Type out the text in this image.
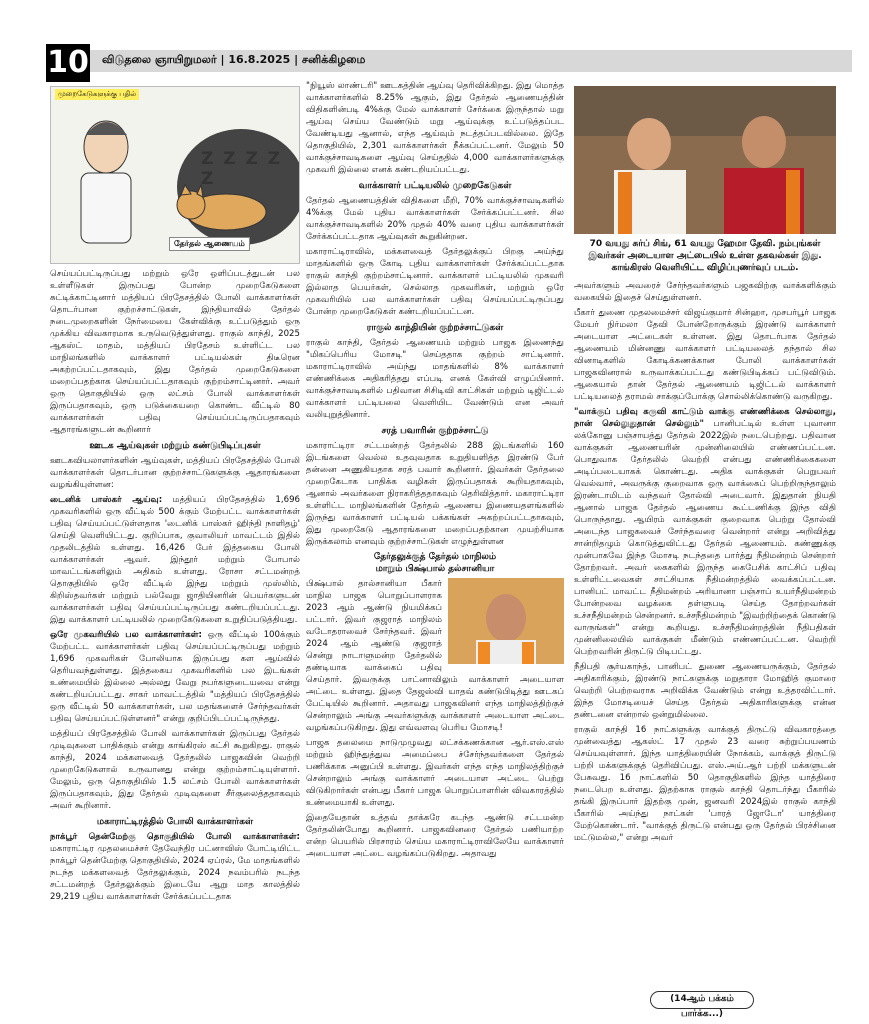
10 விடுதலை ஞாயிறுமலர் | 16.8.2025 | சனிக்கிழமை
முறைகேடுகளுக்கு பதில்
Z Z Z Z Z
தேர்தல் ஆணையம்

செய்யப்பட்டிருப்பது மற்றும் ஒரே ஒளிப்படத்துடன் பல உள்ளீடுகள் இருப்பது போன்ற முறைகேடுகளை சுட்டிக்காட்டினார் மத்தியப் பிரதேசத்தில் போலி வாக்காளர்கள் தொடர்பான குற்றச்சாட்டுகள், இந்தியாவில் தேர்தல் நடைமுறைகளின் நேர்மையை கேள்விக்கு உட்படுத்தும் ஒரு முக்கிய விவகாரமாக உருவெடுத்துள்ளது. ராகுல் காந்தி, 2025 ஆகஸ்ட் மாதம், மத்தியப் பிரதேசம் உள்ளிட்ட பல மாநிலங்களில் வாக்காளர் பட்டியல்கள் திடீரென அகற்றப்பட்டதாகவும், இது தேர்தல் முறைகேடுகளை மறைப்பதற்காக செய்யப்பட்டதாகவும் குற்றம்சாட்டினார். அவர் ஒரு தொகுதியில் ஒரு லட்சம் போலி வாக்காளர்கள் இருப்பதாகவும், ஒரு படுக்கையறை கொண்ட வீட்டில் 80 வாக்காளர்கள் பதிவு செய்யப்பட்டிருப்பதாகவும் ஆதாரங்களுடன் கூறினார்

ஊடக ஆய்வுகள் மற்றும் கண்டுபிடிப்புகள்

ஊடகவியலாளர்களின் ஆய்வுகள், மத்தியப் பிரதேசத்தில் போலி வாக்காளர்கள் தொடர்பான குற்றச்சாட்டுகளுக்கு ஆதாரங்களை வழங்கியுள்ளன:

டைனிக் பாஸ்கர் ஆய்வு: மத்தியப் பிரதேசத்தில் 1,696 முகவரிகளில் ஒரு வீட்டில் 500 க்கும் மேற்பட்ட வாக்காளர்கள் பதிவு செய்யப்பட்டுள்ளதாக 'டைனிக் பாஸ்கர் ஹிந்தி நாளிதழ்' செய்தி வெளியிட்டது. குறிப்பாக, குவாலியர் மாவட்டம் இதில் முதலிடத்தில் உள்ளது. 16,426 பேர் இத்தகைய போலி வாக்காளர்கள் ஆவர். இந்தூர் மற்றும் போபால் மாவட்டங்களிலும் அதிகம் உள்ளது. ரோசா சட்டமன்றத் தொகுதியில் ஒரே வீட்டில் இந்து மற்றும் முஸ்லிம், கிறிஸ்தவர்கள் மற்றும் பல்வேறு ஜாதியினரின் பெயர்களுடன் வாக்காளர்கள் பதிவு செய்யப்பட்டிருப்பது கண்டறியப்பட்டது. இது வாக்காளர் பட்டியலில் முறைகேடுகளை உறுதிப்படுத்தியது.

ஒரே முகவரியில் பல வாக்காளர்கள்: ஒரு வீட்டில் 100க்கும் மேற்பட்ட வாக்காளர்கள் பதிவு செய்யப்பட்டிருப்பது மற்றும் 1,696 முகவரிகள் போலியாக இருப்பது கள ஆய்வில் தெரியவந்துள்ளது. இத்தகைய முகவரிகளில் பல இடங்கள் உண்மையில் இல்லை அல்லது வேறு நபர்களுடையவை என்று கண்டறியப்பட்டது. சாகர் மாவட்டத்தில் "மத்தியப் பிரதேசத்தில் ஒரு வீட்டில் 50 வாக்காளர்கள், பல மதங்களைச் சேர்ந்தவர்கள் பதிவு செய்யப்பட்டுள்ளனர்" என்று குறிப்பிடப்பட்டிருந்தது.

மத்தியப் பிரதேசத்தில் போலி வாக்காளர்கள் இருப்பது தேர்தல் முடிவுகளை பாதிக்கும் என்று காங்கிரஸ் கட்சி கூறுகிறது. ராகுல் காந்தி, 2024 மக்களவைத் தேர்தலில் பாஜகவின் வெற்றி முறைகேடுகளால் உருவானது என்று குற்றம்சாட்டியுள்ளார். மேலும், ஒரு தொகுதியில் 1.5 லட்சம் போலி வாக்காளர்கள் இருப்பதாகவும், இது தேர்தல் முடிவுகளை சீர்குலைத்ததாகவும் அவர் கூறினார்.

மகாராட்டிரத்தில் போலி வாக்காளர்கள்

நாக்பூர் தென்மேற்கு தொகுதியில் போலி வாக்காளர்கள்: மகாராட்டிர முதலமைச்சர் தேவேந்திர பட்னாவிஸ் போட்டியிட்ட நாக்பூர் தென்மேற்கு தொகுதியில், 2024 ஏப்ரல், மே மாதங்களில் நடந்த மக்களவைத் தேர்தலுக்கும், 2024 நவம்பரில் நடந்த சட்டமன்றத் தேர்தலுக்கும் இடையே ஆறு மாத காலத்தில் 29,219 புதிய வாக்காளர்கள் சேர்க்கப்பட்டதாக

"நியூஸ் லாண்டரி" ஊடகத்தின் ஆய்வு தெரிவிக்கிறது. இது மொத்த வாக்காளர்களில் 8.25% ஆகும், இது தேர்தல் ஆணையத்தின் விதிகளின்படி 4%க்கு மேல் வாக்காளர் சேர்க்கை இருந்தால் மறு ஆய்வு செய்ய வேண்டும் மறு ஆய்வுக்கு உட்படுத்தப்பட வேண்டியது ஆனால், எந்த ஆய்வும் நடத்தப்படவில்லை. இதே தொகுதியில், 2,301 வாக்காளர்கள் நீக்கப்பட்டனர். மேலும் 50 வாக்குச்சாவடிகளை ஆய்வு செய்ததில் 4,000 வாக்காளர்களுக்கு முகவரி இல்லை எனக் கண்டறியப்பட்டது.

வாக்காளர் பட்டியலில் முறைகேடுகள்

தேர்தல் ஆணையத்தின் விதிகளை மீறி, 70% வாக்குச்சாவடிகளில் 4%க்கு மேல் புதிய வாக்காளர்கள் சேர்க்கப்பட்டனர். சில வாக்குச்சாவடிகளில் 20% முதல் 40% வரை புதிய வாக்காளர்கள் சேர்க்கப்பட்டதாக ஆய்வுகள் கூறுகின்றன.

மகாராட்டிராவில், மக்களவைத் தேர்தலுக்குப் பிறகு அய்ந்து மாதங்களில் ஒரு கோடி புதிய வாக்காளர்கள் சேர்க்கப்பட்டதாக ராகுல் காந்தி குற்றம்சாட்டினார். வாக்காளர் பட்டியலில் முகவரி இல்லாத பெயர்கள், செல்லாத முகவரிகள், மற்றும் ஒரே முகவரியில் பல வாக்காளர்கள் பதிவு செய்யப்பட்டிருப்பது போன்ற முறைகேடுகள் கண்டறியப்பட்டன.

ராகுல் காந்தியின் குற்றச்சாட்டுகள்

ராகுல் காந்தி, தேர்தல் ஆணையம் மற்றும் பாஜக இணைந்து "மிகப்பெரிய மோசடி" செய்ததாக குற்றம் சாட்டினார். மகாராட்டிராவில் அய்ந்து மாதங்களில் 8% வாக்காளர் எண்ணிக்கை அதிகரித்தது எப்படி எனக் கேள்வி எழுப்பினார். வாக்குச்சாவடிகளில் பதிவான சிசிடிவி காட்சிகள் மற்றும் டிஜிட்டல் வாக்காளர் பட்டியலை வெளியிட வேண்டும் என அவர் வலியுறுத்தினார்.

சரத் பவாரின் குற்றச்சாட்டு

மகாராட்டிரா சட்டமன்றத் தேர்தலில் 288 இடங்களில் 160 இடங்களை வெல்ல உதவுவதாக உறுதியளித்த இரண்டு பேர் தன்னை அணுகியதாக சரத் பவார் கூறினார். இவர்கள் தேர்தலை முறைகேடாக பாதிக்க வழிகள் இருப்பதாகக் கூறியதாகவும், ஆனால் அவர்களை நிராகரித்ததாகவும் தெரிவித்தார். மகாராட்டிரா உள்ளிட்ட மாநிலங்களின் தேர்தல் ஆணைய இணையதளங்களில் இருந்து வாக்காளர் பட்டியல் பக்கங்கள் அகற்றப்பட்டதாகவும், இது முறைகேடு ஆதாரங்களை மறைப்பதற்கான முயற்சியாக இருக்கலாம் எனவும் குற்றச்சாட்டுகள் எழுந்துள்ளன

தேர்தலுக்குத் தேர்தல் மாநிலம்
மாறும் பிக்ஷ்பால் தல்சானியா

பிக்ஷ்பால் தால்சானியா பீகார் மாநில பாஜக பொறுப்பாளராக 2023 ஆம் ஆண்டு நியமிக்கப் பட்டார். இவர் குஜராத் மாநிலம் வடோதராவைச் சேர்ந்தவர். இவர் 2024 ஆம் ஆண்டு குஜராத் சென்று நாடாளுமன்ற தேர்தலில் தண்டியாக வாக்கைப் பதிவு செய்தார். இவருக்கு பாட்னாவிலும் வாக்காளர் அடையாள அட்டை உள்ளது. இதை தேஜஸ்வி யாதவ் கண்டுபிடித்து ஊடகப் பேட்டியில் கூறினார். அதாவது பாஜகவினர் எந்த மாநிலத்திற்குச் சென்றாலும் அங்கு அவர்களுக்கு வாக்காளர் அடையாள அட்டை வழங்கப்படுகிறது. இது எவ்வளவு பெரிய மோசடி!

பாஜக தலைமை நாடுமுழுவது லட்சக்கணக்கான ஆர்.எஸ்.எஸ் மற்றும் ஹிந்துத்துவ அமைப்பை ச்சேர்ந்தவர்களை தேர்தல் பணிக்காக அனுப்பி உள்ளது. இவர்கள் எந்த எந்த மாநிலத்திற்குச் சென்றாலும் அங்கு வாக்காளர் அடையாள அட்டை பெற்று விடுகிறார்கள் என்பது பீகார் பாஜக பொறுப்பாளரின் விவகாரத்தில் உண்மையாகி உள்ளது.

இதையேதான் உத்தவ் தாக்கரே கடந்த ஆண்டு சட்டமன்ற தேர்தலின்போது கூறினார். பாஜகவினரை தேர்தல் பணியாற்ற என்ற பெயரில் பிரசாரம் செய்ய மகாராட்டிராவிலேயே வாக்காளர் அடையாள அட்டை வழங்கப்படுகிறது. அதாவது

70 வயது சுர்ப் சிங், 61 வயது ஹேமா தேவி. நம்புங்கள் இவர்கள் அடையாள அட்டையில் உள்ள தகவல்கள் இது. காங்கிரஸ் வெளியிட்ட விழிப்புணர்வுப் படம்.

அவர்களும் அவரைச் சேர்ந்தவர்களும் பஜகவிற்கு வாக்களிக்கும் வகையில் இதைச் செய்துள்ளனர்.

பீகார் துணை முதலமைச்சர் விஜய்குமார் சின்ஹா, முசபர்பூர் பாஜக மேயர் நிர்மலா தேவி போன்றோருக்கும் இரண்டு வாக்காளர் அடையாள அட்டைகள் உள்ளன. இது தொடர்பாக தேர்தல் ஆணையம் மின்னணு வாக்காளர் பட்டியலைத் தந்தால் சில வினாடிகளில் கோடிக்கணக்கான போலி வாக்காளர்கள் பாஜகவினரால் உருவாக்கப்பட்டது கண்டுபிடிக்கப் பட்டுவிடும். ஆகையால் தான் தேர்தல் ஆணையம் டிஜிட்டல் வாக்காளர் பட்டியலைத் தராமல் சாக்குப்போக்கு சொல்லிக்கொண்டு வருகிறது.

"வாக்குப் பதிவு கருவி காட்டும் வாக்கு எண்ணிக்கை செல்லாது, நான் செல்லுதுதான் செல்லும்" பானிபட்டில் உள்ள புவானா லக்கோனு பஞ்சாயத்து தேர்தல் 2022இல் நடைபெற்றது. பதிவான வாக்குகள் ஆணையரின் முன்னிலையில் எண்ணப்பட்டன. பொதுவாக தேர்தலில் வெற்றி என்பது எண்ணிக்கைகளை அடிப்படையாகக் கொண்டது. அதிக வாக்குகள் பெறுபவர் வெல்வார், அவருக்கு குறைவாக ஒரு வாக்கைப் பெற்றிருந்தாலும் இரண்டாமிடம் வந்தவர் தோல்வி அடைவார். இதுதான் நியதி ஆனால் பாஜக தேர்தல் ஆணைய கூட்டணிக்கு இந்த விதி பொருந்தாது. ஆயிரம் வாக்குகள் குறைவாக பெற்று தோல்வி அடைந்த பாஜகவைச் சேர்ந்தவரை வென்றார் என்று அறிவித்து சான்றிதழும் கொடுத்துவிட்டது தேர்தல் ஆணையம். கண்ணுக்கு முன்பாகவே இந்த மோசடி நடந்ததை பார்த்து நீதிமன்றம் சென்றார் தோற்றவர். அவர் கைகளில் இருந்த கைபேசிக் காட்சிப் பதிவு உள்ளிட்டவைகள் சாட்சியாக நீதிமன்றத்தில் வைக்கப்பட்டன. பானிபட் மாவட்ட நீதிமன்றம் அரியானா பஞ்சாப் உயர்நீதிமன்றம் போன்றவை வழக்கை தள்ளுபடி செய்த தோற்றவர்கள் உச்சநீதிமன்றம் சென்றனர். உச்சநீதிமன்றம் "இவற்றிற்தைக் கொண்டு வாருங்கள்" என்று கூறியது. உச்சநீதிமன்றத்தின் நீதிபதிகள் முன்னிலையில் வாக்குகள் மீண்டும் எண்ணப்பட்டன. வெற்றி பெற்றவரின் திருட்டு பிடிபட்டது.

நீதிபதி சூர்யகாந்த், பானிபட் துணை ஆணையருக்கும், தேர்தல் அதிகாரிக்கும், இரண்டு நாட்களுக்கு மறுதாரா மோஹித் குமாரை வெற்றி பெற்றவராக அறிவிக்க வேண்டும் என்று உத்தரவிட்டார். இந்த மோசடியைச் செய்த தேர்தல் அதிகாரிகளுக்கு என்ன தண்டனை என்றால் ஒன்றுமில்லை.

ராகுல் காந்தி 16 நாட்களுக்கு வாக்குத் திருட்டு விவகாரத்தை முன்வைத்து ஆகஸ்ட் 17 முதல் 23 வரை சுற்றுப்பயணம் செய்யவுள்ளார். இந்த யாத்திரையின் நோக்கம், வாக்குத் திருட்டு பற்றி மக்களுக்குத் தெரிவிப்பது. எஸ்.அய்.ஆர் பற்றி மக்களுடன் பேசுவது. 16 நாட்களில் 50 தொகுதிகளில் இந்த யாத்திரை நடைபெற உள்ளது. இதற்காக ராகுல் காந்தி தொடர்ந்து பீகாரில் தங்கி இருப்பார் இதற்கு முன், ஜனவரி 2024இல் ராகுல் காந்தி பீகாரில் அய்ந்து நாட்கள் 'பாரத் ஜோடோ' யாத்திரை மேற்கொண்டார். "வாக்குத் திருட்டு என்பது ஒரு தேர்தல் பிரச்சினை மட்டுமல்ல," என்று அவர்

(14ஆம் பக்கம் பார்க்க...)
